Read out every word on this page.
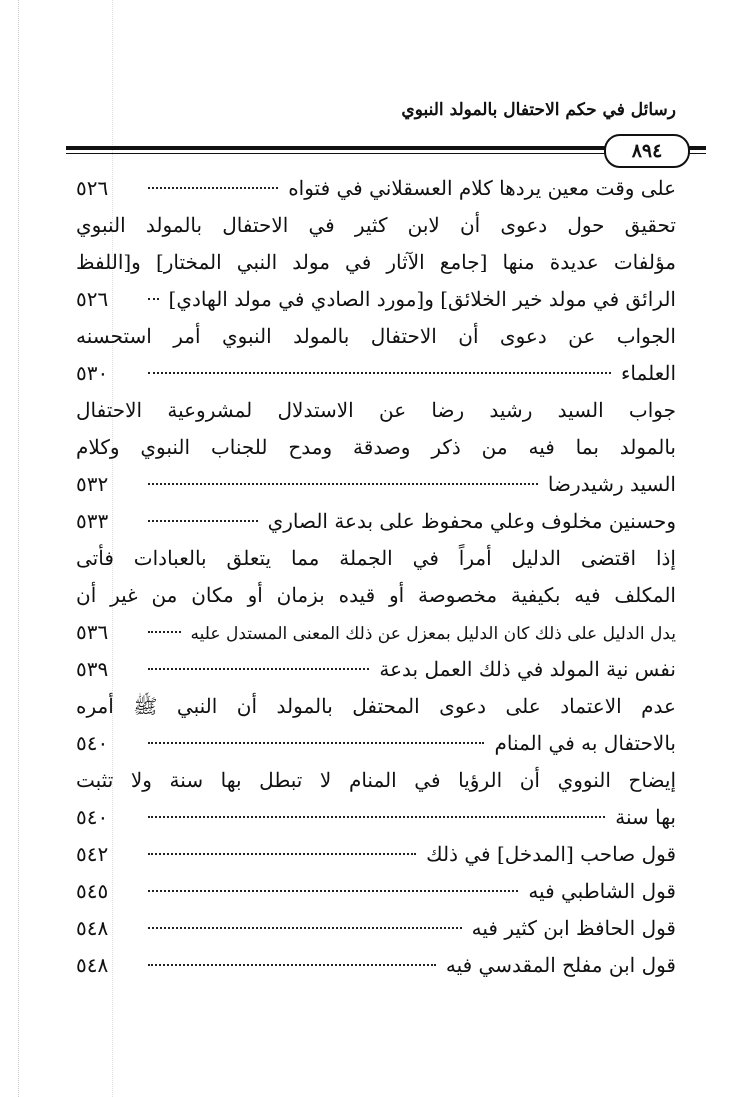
رسائل في حكم الاحتفال بالمولد النبوي
٨٩٤
على وقت معين يردها كلام العسقلاني في فتواه
٥٢٦
تحقيق حول دعوى أن لابن كثير في الاحتفال بالمولد النبوي
مؤلفات عديدة منها [جامع الآثار في مولد النبي المختار] و[اللفظ
الرائق في مولد خير الخلائق] و[مورد الصادي في مولد الهادي]
٥٢٦
الجواب عن دعوى أن الاحتفال بالمولد النبوي أمر استحسنه
العلماء
٥٣٠
جواب السيد رشيد رضا عن الاستدلال لمشروعية الاحتفال
بالمولد بما فيه من ذكر وصدقة ومدح للجناب النبوي وكلام
السيد رشيدرضا
٥٣٢
وحسنين مخلوف وعلي محفوظ على بدعة الصاري
٥٣٣
إذا اقتضى الدليل أمراً في الجملة مما يتعلق بالعبادات فأتى
المكلف فيه بكيفية مخصوصة أو قيده بزمان أو مكان من غير أن
يدل الدليل على ذلك كان الدليل بمعزل عن ذلك المعنى المستدل عليه
٥٣٦
نفس نية المولد في ذلك العمل بدعة
٥٣٩
عدم الاعتماد على دعوى المحتفل بالمولد أن النبي ﷺ أمره
بالاحتفال به في المنام
٥٤٠
إيضاح النووي أن الرؤيا في المنام لا تبطل بها سنة ولا تثبت
بها سنة
٥٤٠
قول صاحب [المدخل] في ذلك
٥٤٢
قول الشاطبي فيه
٥٤٥
قول الحافظ ابن كثير فيه
٥٤٨
قول ابن مفلح المقدسي فيه
٥٤٨
